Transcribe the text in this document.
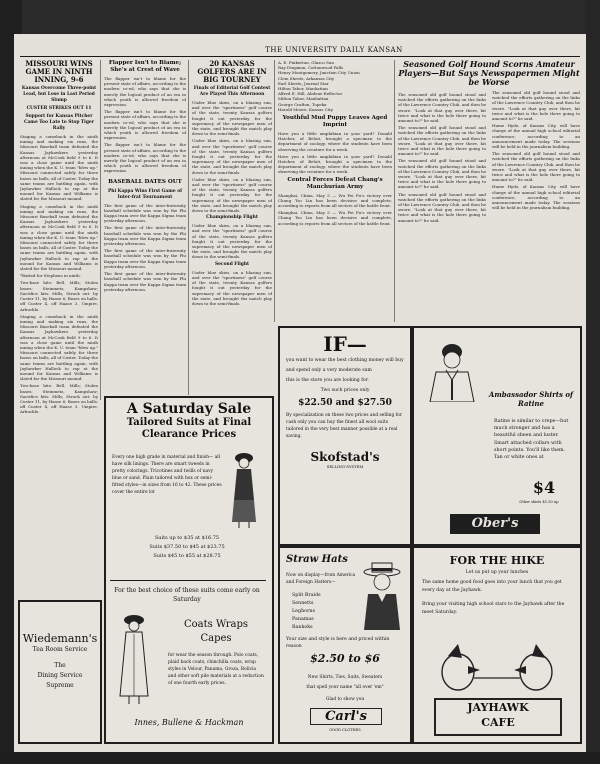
THE UNIVERSITY DAILY KANSAN
MISSOURI WINS GAME IN NINTH INNING, 9-6
Kansas Overcome Three-point Lead, but Lose in Last Period Slump
CUSTER STRIKES OUT 11
Support for Kansas Pitcher Came Too Late to Stop Tiger Rally
Staging a comeback in the ninth inning and making six runs, the Missouri Baseball team defeated the Kansas Jayhawkers yesterday afternoon at McCook field 9 to 6. It was a close game until the ninth inning when the K. U. team "blew up." Missouri connected safely for three bases on balls, all of Custer. Today the same teams are battling again, with Jayhawker Hallock to rap at the mound for Kansas and Williams is slated for the Missouri mound.
Staging a comeback in the ninth inning and making six runs, the Missouri Baseball team defeated the Kansas Jayhawkers yesterday afternoon at McCook field 9 to 6. It was a close game until the ninth inning when the K. U. team "blew up." Missouri connected safely for three bases on balls, all of Custer. Today the same teams are battling again, with Jayhawker Hallock to rap at the mound for Kansas and Williams is slated for the Missouri mound.
*Batted for Stephens in ninth.
Two-base hits: Bell, Mills; Stolen bases: Steinmetz, Kampshaw; Sacrifice hits: Mills; Struck out: by Custer 11, by Haase 6; Bases on balls: off Custer 4, off Haase 3. Umpire, Arbuckle.
Staging a comeback in the ninth inning and making six runs, the Missouri Baseball team defeated the Kansas Jayhawkers yesterday afternoon at McCook field 9 to 6. It was a close game until the ninth inning when the K. U. team "blew up." Missouri connected safely for three bases on balls, all of Custer. Today the same teams are battling again, with Jayhawker Hallock to rap at the mound for Kansas and Williams is slated for the Missouri mound.
Two-base hits: Bell, Mills; Stolen bases: Steinmetz, Kampshaw; Sacrifice hits: Mills; Struck out: by Custer 11, by Haase 6; Bases on balls: off Custer 4, off Haase 3. Umpire, Arbuckle.
Flapper Isn't to Blame; She's at Crest of Wave
The flapper isn't to blame for the present state of affairs, according to the modern co-ed, who says that she is merely the logical product of an era in which youth is allowed freedom of expression.
The flapper isn't to blame for the present state of affairs, according to the modern co-ed, who says that she is merely the logical product of an era in which youth is allowed freedom of expression.
The flapper isn't to blame for the present state of affairs, according to the modern co-ed, who says that she is merely the logical product of an era in which youth is allowed freedom of expression.
BASEBALL DATES OUT
Phi Kappa Wins First Game of Inter-frat Tournament
The first game of the inter-fraternity baseball schedule was won by the Phi Kappa team over the Kappa Sigma team yesterday afternoon.
The first game of the inter-fraternity baseball schedule was won by the Phi Kappa team over the Kappa Sigma team yesterday afternoon.
The first game of the inter-fraternity baseball schedule was won by the Phi Kappa team over the Kappa Sigma team yesterday afternoon.
The first game of the inter-fraternity baseball schedule was won by the Phi Kappa team over the Kappa Sigma team yesterday afternoon.
20 KANSAS GOLFERS ARE IN BIG TOURNEY
Finals of Editorial Golf Contest Are Played This Afternoon
Under blue skies, on a blazing sun, and over the "sportiness" golf course of the state, twenty Kansas golfers fought it out yesterday for the supremacy of the newspaper men of the state, and brought the match play down to the semi-finals.
Under blue skies, on a blazing sun, and over the "sportiness" golf course of the state, twenty Kansas golfers fought it out yesterday for the supremacy of the newspaper men of the state, and brought the match play down to the semi-finals.
Under blue skies, on a blazing sun, and over the "sportiness" golf course of the state, twenty Kansas golfers fought it out yesterday for the supremacy of the newspaper men of the state, and brought the match play down to the semi-finals.
Championship Flight
Under blue skies, on a blazing sun, and over the "sportiness" golf course of the state, twenty Kansas golfers fought it out yesterday for the supremacy of the newspaper men of the state, and brought the match play down to the semi-finals.
Second Flight
Under blue skies, on a blazing sun, and over the "sportiness" golf course of the state, twenty Kansas golfers fought it out yesterday for the supremacy of the newspaper men of the state, and brought the match play down to the semi-finals.
A. E. Pinkerton, Glasco Sun
Ray Dingman, Cottonwood Falls
Henry Montgomery, Junction City Union
Clem Sheets, Arkansas City
Earl Sheets, Journal Star
Hilton Tabor, Manhattan
Alfred E. Hill, Abilene Reflector
Milton Tabor, Manhattan
George Crafton, Topeka
Harold Moore, Kansas City
Youthful Mud Puppy Leaves Aged Imprint
Have you a little amphibian in your yard? Donald Hatcher, of Beloit, brought a specimen to the department of zoology, where the students have been observing the creature for a week.
Have you a little amphibian in your yard? Donald Hatcher, of Beloit, brought a specimen to the department of zoology, where the students have been observing the creature for a week.
Central Forces Defeat Chang's Manchurian Army
Shanghai, China, May 5 — Wu Pei Fu's victory over Chang Tso Lin has been decisive and complete, according to reports from all sectors of the battle front.
Shanghai, China, May 5 — Wu Pei Fu's victory over Chang Tso Lin has been decisive and complete, according to reports from all sectors of the battle front.
Seasoned Golf Hound Scorns Amateur Players—But Says Newspapermen Might be Worse
The seasoned old golf hound stood and watched the efforts gathering on the links of the Lawrence Country Club, and then he swore. "Look at that guy over there, hit twice and what is the hole there going to amount to?" he said.
The seasoned old golf hound stood and watched the efforts gathering on the links of the Lawrence Country Club, and then he swore. "Look at that guy over there, hit twice and what is the hole there going to amount to?" he said.
The seasoned old golf hound stood and watched the efforts gathering on the links of the Lawrence Country Club, and then he swore. "Look at that guy over there, hit twice and what is the hole there going to amount to?" he said.
The seasoned old golf hound stood and watched the efforts gathering on the links of the Lawrence Country Club, and then he swore. "Look at that guy over there, hit twice and what is the hole there going to amount to?" he said.
The seasoned old golf hound stood and watched the efforts gathering on the links of the Lawrence Country Club, and then he swore. "Look at that guy over there, hit twice and what is the hole there going to amount to?" he said.
Hume Hyde, of Kansas City, will have charge of the annual high school editorial conference, according to an announcement made today. The sessions will be held in the journalism building.
The seasoned old golf hound stood and watched the efforts gathering on the links of the Lawrence Country Club, and then he swore. "Look at that guy over there, hit twice and what is the hole there going to amount to?" he said.
Hume Hyde, of Kansas City, will have charge of the annual high school editorial conference, according to an announcement made today. The sessions will be held in the journalism building.
A Saturday Sale
Tailored Suits at Final
Clearance Prices
Every one high grade in material and finish— all have silk linings. There are smart tweeds in pretty colorings. Tricotines and twills of navy blue or sand. Plain tailored with box or semi-fitted styles—in sizes from 16 to 42. These prices cover the entire lot
Suits up to $35 at $16.75
Suits $37.50 to $45 at $23.75
Suits $45 to $55 at $28.75
For the best choice of these suits come early on Saturday
Coats Wraps
Capes
for wear the season through. Polo coats, plaid back coats, chinchilla coats, wrap styles in Velour, Panama, Groza, Bolivia and other soft pile materials at a reduction of one fourth early prices.
Innes, Bullene & Hackman
Wiedemann's
Tea Room Service
The
Dining Service
Supreme
IF—
you want to wear the best clothing money will buy
and spend only a very moderate sum
this is the store you are looking for.
Two such prices only
$22.50 and $27.50
By specialization on these two prices and selling for cash only you can buy the finest all wool suits tailored in the very best manner possible at a real saving.
Skofstad's
SELLING-SYSTEM
Ambassador Shirts of Ratine
Ratine is similar to crepe—but much stronger and has a beautiful sheen and luster. Smart attached collars with short points. You'll like them. Tan or white ones at
$4
Other shirts $1.50 up
Ober's
Straw Hats
Now on display—from America and Foreign Hatters—
Split Braids
Sennetts
Leghorns
Panamas
Bankoks
Your size and style is here and priced within reason
$2.50 to $6
New Shirts, Ties, Suits, Sweaters
that spell your name "all over 'em"
Glad to show you
Carl's
GOOD CLOTHES
FOR THE HIKE
Let us put up your lunches
The same home good food goes into your lunch that you get every day at the Jayhawk.
Bring your visiting high school stars to the Jayhawk after the meet Saturday.
JAYHAWK
CAFE
